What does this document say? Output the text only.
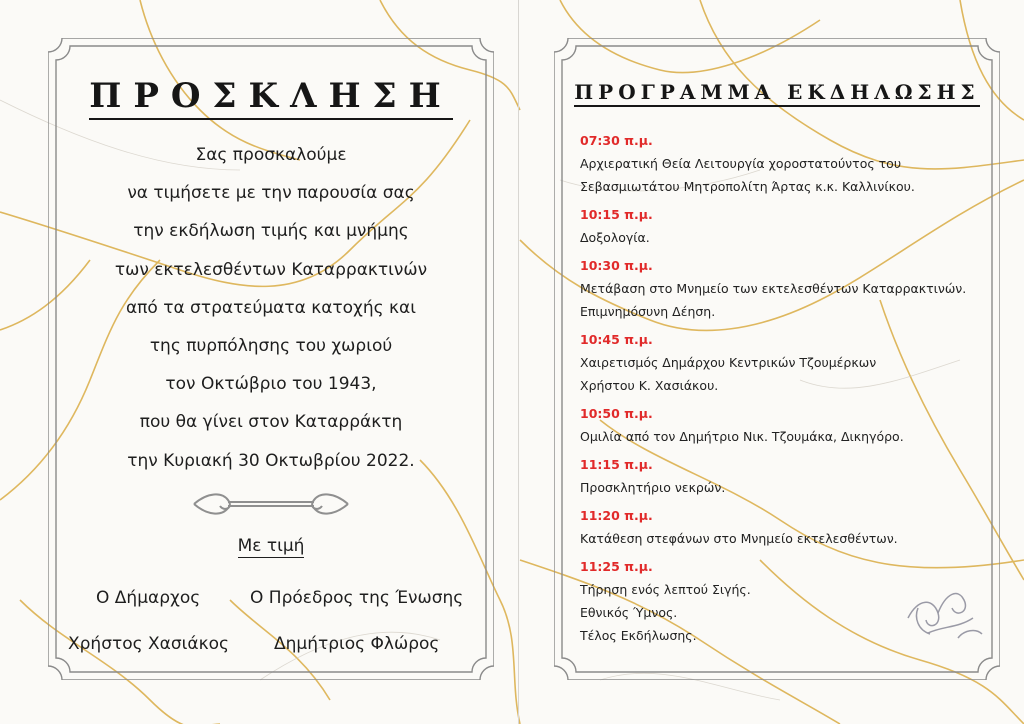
ΠΡΟΣΚΛΗΣΗ
Σας προσκαλούμε
να τιμήσετε με την παρουσία σας
την εκδήλωση τιμής και μνήμης
των εκτελεσθέντων Καταρρακτινών
από τα στρατεύματα κατοχής και
της πυρπόλησης του χωριού
τον Οκτώβριο του 1943,
που θα γίνει στον Καταρράκτη
την Κυριακή 30 Οκτωβρίου 2022.
Με τιμή
Ο Δήμαρχος	Ο Πρόεδρος της Ένωσης
Χρήστος Χασιάκος	Δημήτριος Φλώρος
ΠΡΟΓΡΑΜΜΑ ΕΚΔΗΛΩΣΗΣ
07:30 π.μ.
Αρχιερατική Θεία Λειτουργία χοροστατούντος του
Σεβασμιωτάτου Μητροπολίτη Άρτας κ.κ. Καλλινίκου.
10:15 π.μ.
Δοξολογία.
10:30 π.μ.
Μετάβαση στο Μνημείο των εκτελεσθέντων Καταρρακτινών.
Επιμνημόσυνη Δέηση.
10:45 π.μ.
Χαιρετισμός Δημάρχου Κεντρικών Τζουμέρκων
Χρήστου Κ. Χασιάκου.
10:50 π.μ.
Ομιλία από τον Δημήτριο Νικ. Τζουμάκα, Δικηγόρο.
11:15 π.μ.
Προσκλητήριο νεκρών.
11:20 π.μ.
Κατάθεση στεφάνων στο Μνημείο εκτελεσθέντων.
11:25 π.μ.
Τήρηση ενός λεπτού Σιγής.
Εθνικός Ύμνος.
Τέλος Εκδήλωσης.
